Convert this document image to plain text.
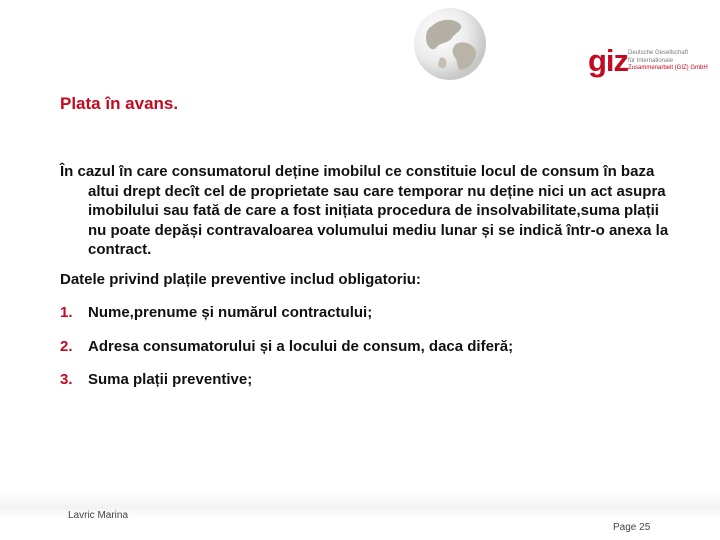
giz Deutsche Gesellschaft
für Internationale
Zusammenarbeit (GIZ) GmbH
Plata în avans.

În cazul în care consumatorul deține imobilul ce constituie locul de consum în baza altui drept decît cel de proprietate sau care temporar nu deține nici un act asupra imobilului sau fată de care a fost inițiata procedura de insolvabilitate,suma plații nu poate depăși contravaloarea volumului mediu lunar și se indică într-o anexa la contract.

Datele privind plațile preventive includ obligatoriu:

1.	Nume,prenume și numărul contractului;
2.	Adresa consumatorului și a locului de consum, daca diferă;
3.	Suma plații preventive;
Lavric Marina
Page 25
